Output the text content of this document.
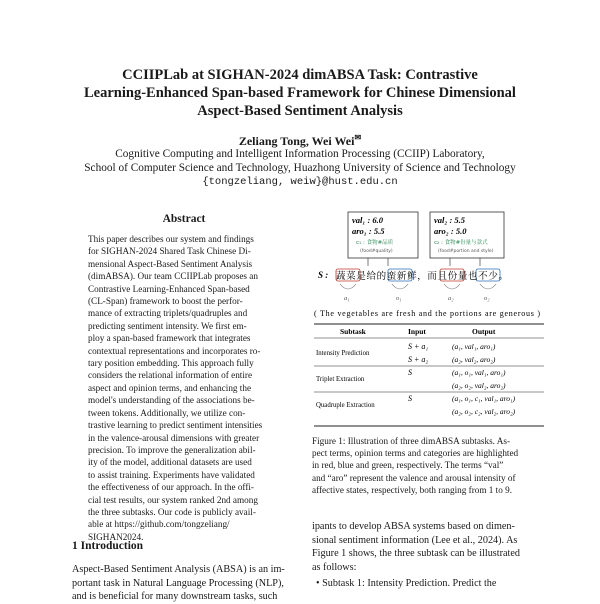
CCIIPLab at SIGHAN-2024 dimABSA Task: Contrastive
Learning-Enhanced Span-based Framework for Chinese Dimensional
Aspect-Based Sentiment Analysis
Zeliang Tong, Wei Wei✉
Cognitive Computing and Intelligent Information Processing (CCIIP) Laboratory,
School of Computer Science and Technology, Huazhong University of Science and Technology
{tongzeliang, weiw}@hust.edu.cn
Abstract
This paper describes our system and findings
for SIGHAN-2024 Shared Task Chinese Di-
mensional Aspect-Based Sentiment Analysis
(dimABSA). Our team CCIIPLab proposes an
Contrastive Learning-Enhanced Span-based
(CL-Span) framework to boost the perfor-
mance of extracting triplets/quadruples and
predicting sentiment intensity. We first em-
ploy a span-based framework that integrates
contextual representations and incorporates ro-
tary position embedding. This approach fully
considers the relational information of entire
aspect and opinion terms, and enhancing the
model's understanding of the associations be-
tween tokens. Additionally, we utilize con-
trastive learning to predict sentiment intensities
in the valence-arousal dimensions with greater
precision. To improve the generalization abil-
ity of the model, additional datasets are used
to assist training. Experiments have validated
the effectiveness of our approach. In the offi-
cial test results, our system ranked 2nd among
the three subtasks. Our code is publicly avail-
able at https://github.com/tongzeliang/
SIGHAN2024.
1 Introduction
Aspect-Based Sentiment Analysis (ABSA) is an im-
portant task in Natural Language Processing (NLP),
and is beneficial for many downstream tasks, such
val₁ : 6.0
aro₁ : 5.5
c₁ : 食物#品质
(food#quality)
val₂ : 5.5
aro₂ : 5.0
c₂ : 食物#份量与款式
(food#portion and style)
S : 蔬菜是给的蛮新鲜，而且份量也不少。
a₁	o₁	a₂	o₂
( The vegetables are fresh and the portions are generous )
Subtask	Input	Output
Intensity Prediction
S + a₁	(a₁, val₁, aro₁)
S + a₂	(a₂, val₂, aro₂)
Triplet Extraction
S	(a₁, o₁, val₁, aro₁)
(a₂, o₂, val₂, aro₂)
Quadruple Extraction
S	(a₁, o₁, c₁, val₁, aro₁)
(a₂, o₂, c₂, val₂, aro₂)
Figure 1: Illustration of three dimABSA subtasks. As-
pect terms, opinion terms and categories are highlighted
in red, blue and green, respectively. The terms “val”
and “aro” represent the valence and arousal intensity of
affective states, respectively, both ranging from 1 to 9.
ipants to develop ABSA systems based on dimen-
sional sentiment information (Lee et al., 2024). As
Figure 1 shows, the three subtask can be illustrated
as follows:
• Subtask 1: Intensity Prediction. Predict the
